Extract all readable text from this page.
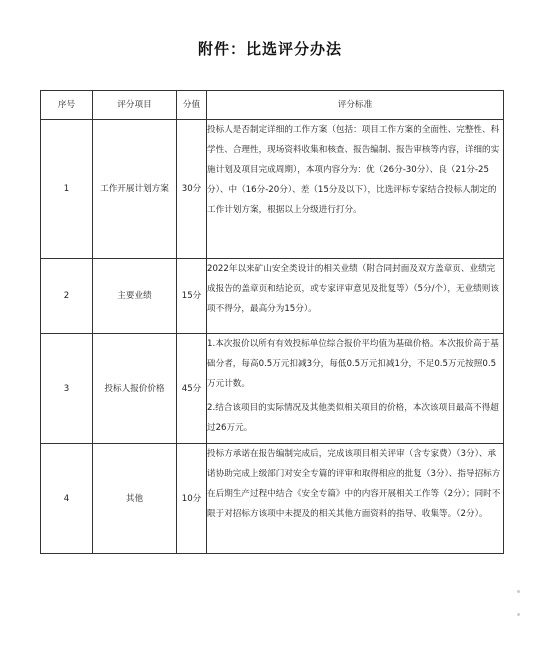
附件：比选评分办法
序号	评分项目	分值	评分标准
1	工作开展计划方案	30分	投标人是否制定详细的工作方案（包括：项目工作方案的全面性、完整性、科学性、合理性，现场资料收集和核查、报告编制、报告审核等内容，详细的实施计划及项目完成周期），本项内容分为：优（26分-30分）、良（21分-25分）、中（16分-20分）、差（15分及以下），比选评标专家结合投标人制定的工作计划方案，根据以上分级进行打分。

2	主要业绩	15分	2022年以来矿山安全类设计的相关业绩（附合同封面及双方盖章页、业绩完成报告的盖章页和结论页，或专家评审意见及批复等）（5分/个），无业绩则该项不得分，最高分为15分）。

3	投标人报价价格	45分	1.本次报价以所有有效投标单位综合报价平均值为基础价格。本次报价高于基础分者，每高0.5万元扣减3分，每低0.5万元扣减1分，不足0.5万元按照0.5万元计数。
2.结合该项目的实际情况及其他类似相关项目的价格，本次该项目最高不得超过26万元。

4	其他	10分	投标方承诺在报告编制完成后，完成该项目相关评审（含专家费）（3分）、承诺协助完成上级部门对安全专篇的评审和取得相应的批复（3分）、指导招标方在后期生产过程中结合《安全专篇》中的内容开展相关工作等（2分）；同时不限于对招标方该项中未提及的相关其他方面资料的指导、收集等。（2分）。
